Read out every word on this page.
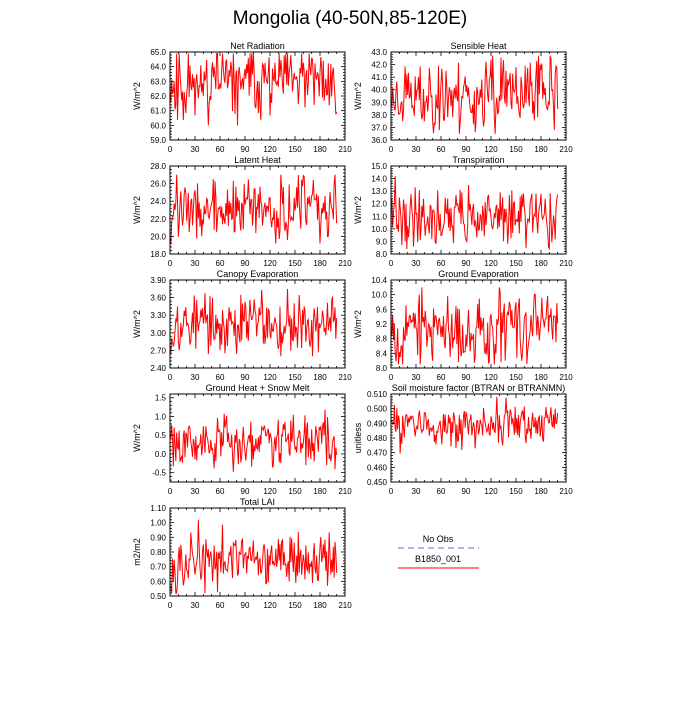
Mongolia (40-50N,85-120E)
Net Radiation
W/m^2
0 30 60 90 120 150 180 210
59.0
60.0
61.0
62.0
63.0
64.0
65.0
Sensible Heat
W/m^2
0 30 60 90 120 150 180 210
36.0
37.0
38.0
39.0
40.0
41.0
42.0
43.0
Latent Heat
W/m^2
0 30 60 90 120 150 180 210
18.0
20.0
22.0
24.0
26.0
28.0
Transpiration
W/m^2
0 30 60 90 120 150 180 210
8.0
9.0
10.0
11.0
12.0
13.0
14.0
15.0
Canopy Evaporation
W/m^2
0 30 60 90 120 150 180 210
2.40
2.70
3.00
3.30
3.60
3.90
Ground Evaporation
W/m^2
0 30 60 90 120 150 180 210
8.0
8.4
8.8
9.2
9.6
10.0
10.4
Ground Heat + Snow Melt
W/m^2
0 30 60 90 120 150 180 210
-0.5
0.0
0.5
1.0
1.5
Soil moisture factor (BTRAN or BTRANMN)
unitless
0 30 60 90 120 150 180 210
0.450
0.460
0.470
0.480
0.490
0.500
0.510
Total LAI
m2/m2
0 30 60 90 120 150 180 210
0.50
0.60
0.70
0.80
0.90
1.00
1.10
No Obs
B1850_001
